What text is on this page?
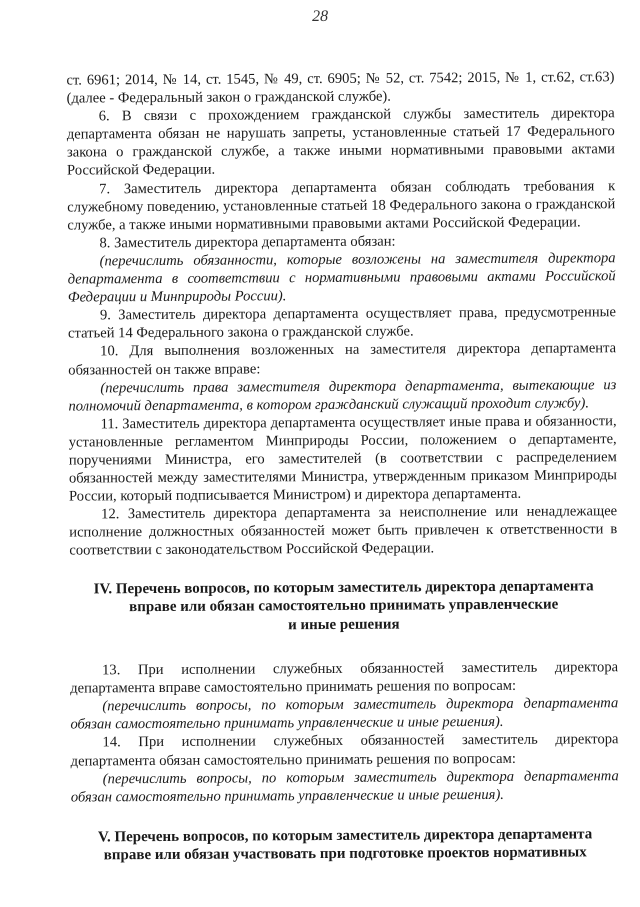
28

ст. 6961; 2014, № 14, ст. 1545, № 49, ст. 6905; № 52, ст. 7542; 2015, № 1, ст.62, ст.63) (далее - Федеральный закон о гражданской службе).

6. В связи с прохождением гражданской службы заместитель директора департамента обязан не нарушать запреты, установленные статьей 17 Федерального закона о гражданской службе, а также иными нормативными правовыми актами Российской Федерации.

7. Заместитель директора департамента обязан соблюдать требования к служебному поведению, установленные статьей 18 Федерального закона о гражданской службе, а также иными нормативными правовыми актами Российской Федерации.

8. Заместитель директора департамента обязан:

(перечислить обязанности, которые возложены на заместителя директора департамента в соответствии с нормативными правовыми актами Российской Федерации и Минприроды России).

9. Заместитель директора департамента осуществляет права, предусмотренные статьей 14 Федерального закона о гражданской службе.

10. Для выполнения возложенных на заместителя директора департамента обязанностей он также вправе:

(перечислить права заместителя директора департамента, вытекающие из полномочий департамента, в котором гражданский служащий проходит службу).

11. Заместитель директора департамента осуществляет иные права и обязанности, установленные регламентом Минприроды России, положением о департаменте, поручениями Министра, его заместителей (в соответствии с распределением обязанностей между заместителями Министра, утвержденным приказом Минприроды России, который подписывается Министром) и директора департамента.

12. Заместитель директора департамента за неисполнение или ненадлежащее исполнение должностных обязанностей может быть привлечен к ответственности в соответствии с законодательством Российской Федерации.

IV. Перечень вопросов, по которым заместитель директора департамента
вправе или обязан самостоятельно принимать управленческие
и иные решения

13. При исполнении служебных обязанностей заместитель директора департамента вправе самостоятельно принимать решения по вопросам:

(перечислить вопросы, по которым заместитель директора департамента обязан самостоятельно принимать управленческие и иные решения).

14. При исполнении служебных обязанностей заместитель директора департамента обязан самостоятельно принимать решения по вопросам:

(перечислить вопросы, по которым заместитель директора департамента обязан самостоятельно принимать управленческие и иные решения).

V. Перечень вопросов, по которым заместитель директора департамента
вправе или обязан участвовать при подготовке проектов нормативных
